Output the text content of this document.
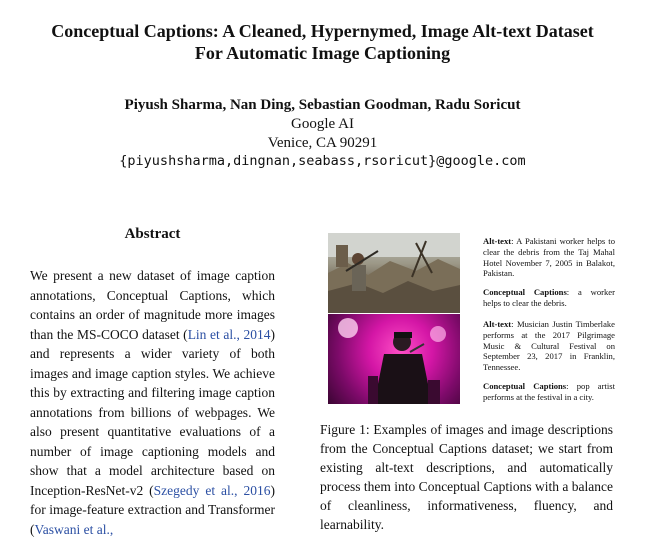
Conceptual Captions: A Cleaned, Hypernymed, Image Alt-text Dataset
For Automatic Image Captioning
Piyush Sharma, Nan Ding, Sebastian Goodman, Radu Soricut
Google AI
Venice, CA 90291
{piyushsharma,dingnan,seabass,rsoricut}@google.com
Abstract

We present a new dataset of image caption annotations, Conceptual Captions, which contains an order of magnitude more images than the MS-COCO dataset (Lin et al., 2014) and represents a wider variety of both images and image caption styles. We achieve this by extracting and filtering image caption annotations from billions of webpages. We also present quantitative evaluations of a number of image captioning models and show that a model architecture based on Inception-ResNet-v2 (Szegedy et al., 2016) for image-feature extraction and Transformer (Vaswani et al.,

Alt-text: A Pakistani worker helps to clear the debris from the Taj Mahal Hotel November 7, 2005 in Balakot, Pakistan.
Conceptual Captions: a worker helps to clear the debris.
Alt-text: Musician Justin Timberlake performs at the 2017 Pilgrimage Music & Cultural Festival on September 23, 2017 in Franklin, Tennessee.
Conceptual Captions: pop artist performs at the festival in a city.
Figure 1: Examples of images and image descriptions from the Conceptual Captions dataset; we start from existing alt-text descriptions, and automatically process them into Conceptual Captions with a balance of cleanliness, informativeness, fluency, and learnability.
